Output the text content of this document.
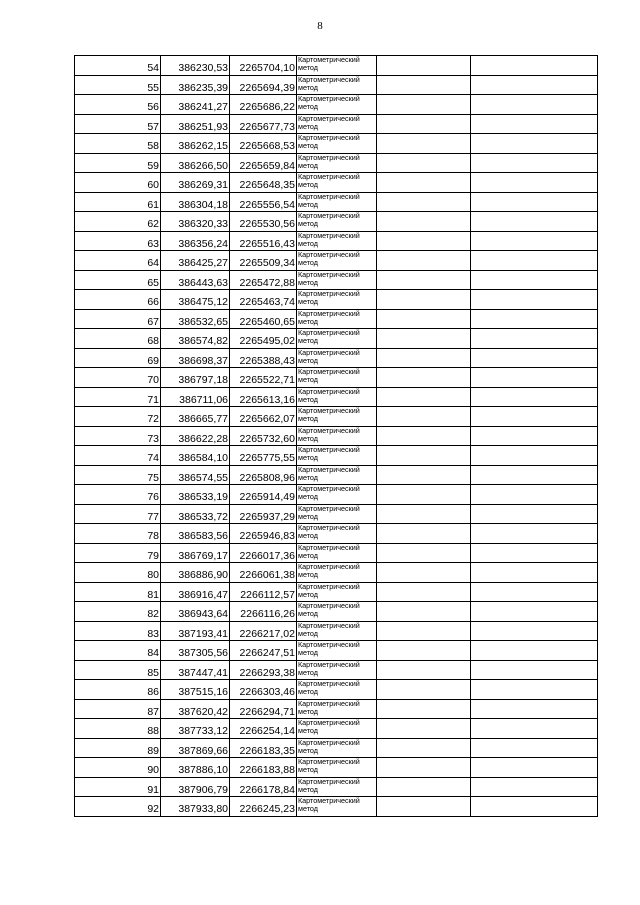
8
54	386230,53	2265704,10	Картометрический метод		
55	386235,39	2265694,39	Картометрический метод		
56	386241,27	2265686,22	Картометрический метод		
57	386251,93	2265677,73	Картометрический метод		
58	386262,15	2265668,53	Картометрический метод		
59	386266,50	2265659,84	Картометрический метод		
60	386269,31	2265648,35	Картометрический метод		
61	386304,18	2265556,54	Картометрический метод		
62	386320,33	2265530,56	Картометрический метод		
63	386356,24	2265516,43	Картометрический метод		
64	386425,27	2265509,34	Картометрический метод		
65	386443,63	2265472,88	Картометрический метод		
66	386475,12	2265463,74	Картометрический метод		
67	386532,65	2265460,65	Картометрический метод		
68	386574,82	2265495,02	Картометрический метод		
69	386698,37	2265388,43	Картометрический метод		
70	386797,18	2265522,71	Картометрический метод		
71	386711,06	2265613,16	Картометрический метод		
72	386665,77	2265662,07	Картометрический метод		
73	386622,28	2265732,60	Картометрический метод		
74	386584,10	2265775,55	Картометрический метод		
75	386574,55	2265808,96	Картометрический метод		
76	386533,19	2265914,49	Картометрический метод		
77	386533,72	2265937,29	Картометрический метод		
78	386583,56	2265946,83	Картометрический метод		
79	386769,17	2266017,36	Картометрический метод		
80	386886,90	2266061,38	Картометрический метод		
81	386916,47	2266112,57	Картометрический метод		
82	386943,64	2266116,26	Картометрический метод		
83	387193,41	2266217,02	Картометрический метод		
84	387305,56	2266247,51	Картометрический метод		
85	387447,41	2266293,38	Картометрический метод		
86	387515,16	2266303,46	Картометрический метод		
87	387620,42	2266294,71	Картометрический метод		
88	387733,12	2266254,14	Картометрический метод		
89	387869,66	2266183,35	Картометрический метод		
90	387886,10	2266183,88	Картометрический метод		
91	387906,79	2266178,84	Картометрический метод		
92	387933,80	2266245,23	Картометрический метод		
